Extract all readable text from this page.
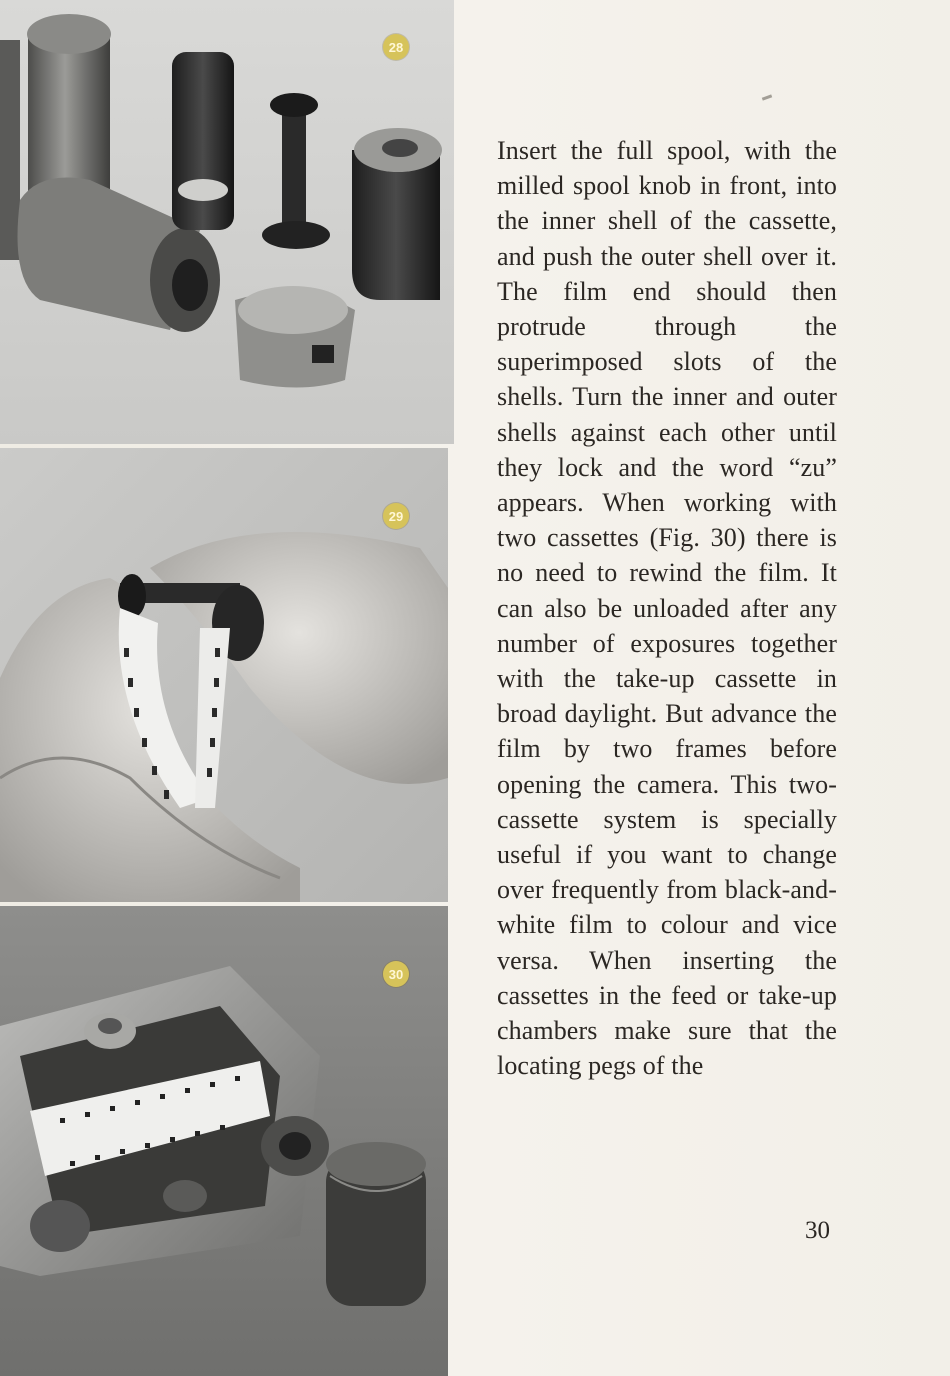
28
29
30

Insert the full spool, with the milled spool knob in front, into the inner shell of the cassette, and push the outer shell over it. The film end should then protrude through the superimposed slots of the shells. Turn the inner and outer shells against each other until they lock and the word “zu” appears. When working with two cassettes (Fig. 30) there is no need to rewind the film. It can also be unloaded after any number of exposures together with the take-up cassette in broad daylight. But advance the film by two frames before opening the camera. This two-cassette system is specially useful if you want to change over frequently from black-and-white film to colour and vice versa. When inserting the cassettes in the feed or take-up chambers make sure that the locating pegs of the

30
